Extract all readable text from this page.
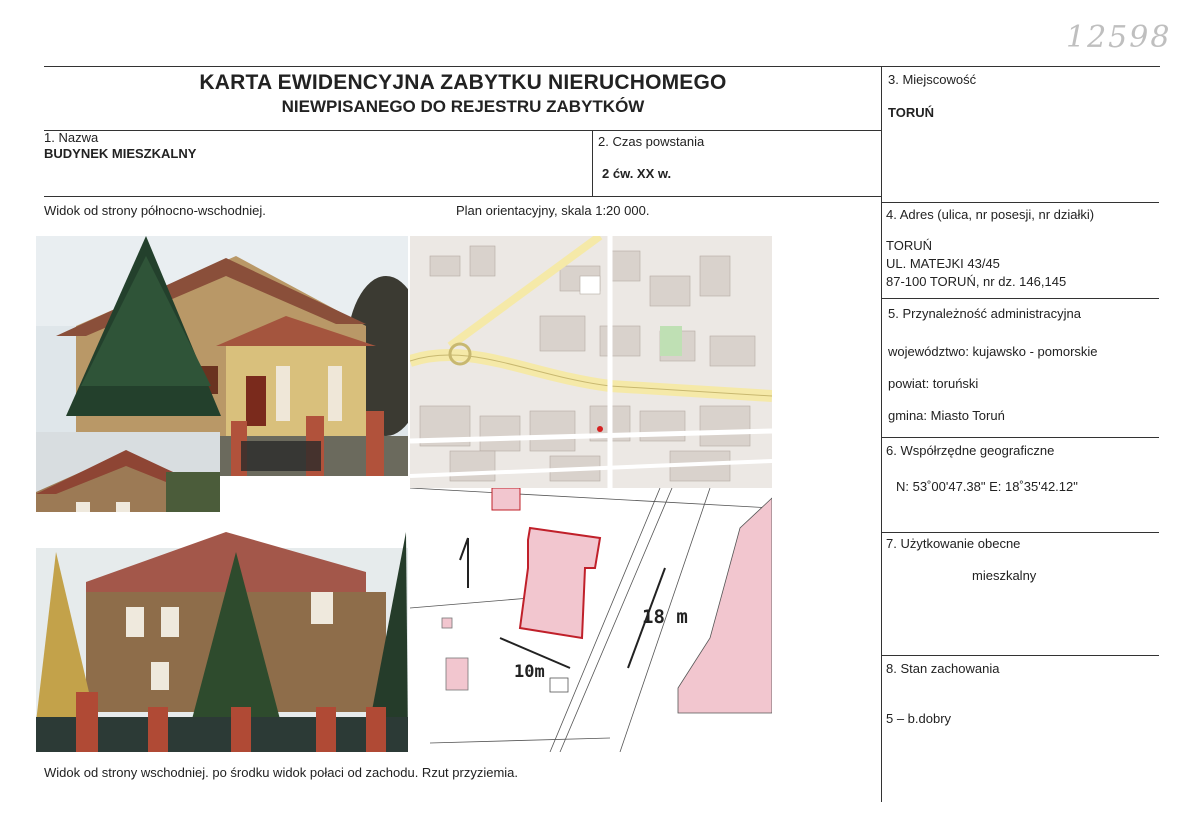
12598
KARTA EWIDENCYJNA ZABYTKU NIERUCHOMEGO
NIEWPISANEGO DO REJESTRU ZABYTKÓW
1. Nazwa
BUDYNEK MIESZKALNY
2. Czas powstania
2 ćw. XX w.
3. Miejscowość
TORUŃ
4. Adres (ulica, nr posesji, nr działki)
TORUŃ
UL. MATEJKI 43/45
87-100 TORUŃ, nr dz. 146,145
5. Przynależność administracyjna
województwo: kujawsko - pomorskie
powiat: toruński
gmina: Miasto Toruń
6. Współrzędne geograficzne
N: 53˚00'47.38" E: 18˚35'42.12"
7. Użytkowanie obecne
mieszkalny
8. Stan zachowania
5 – b.dobry
Widok od strony północno-wschodniej.	Plan orientacyjny, skala 1:20 000.
Widok od strony wschodniej. po środku widok połaci od zachodu. Rzut przyziemia.
18 m
10m
